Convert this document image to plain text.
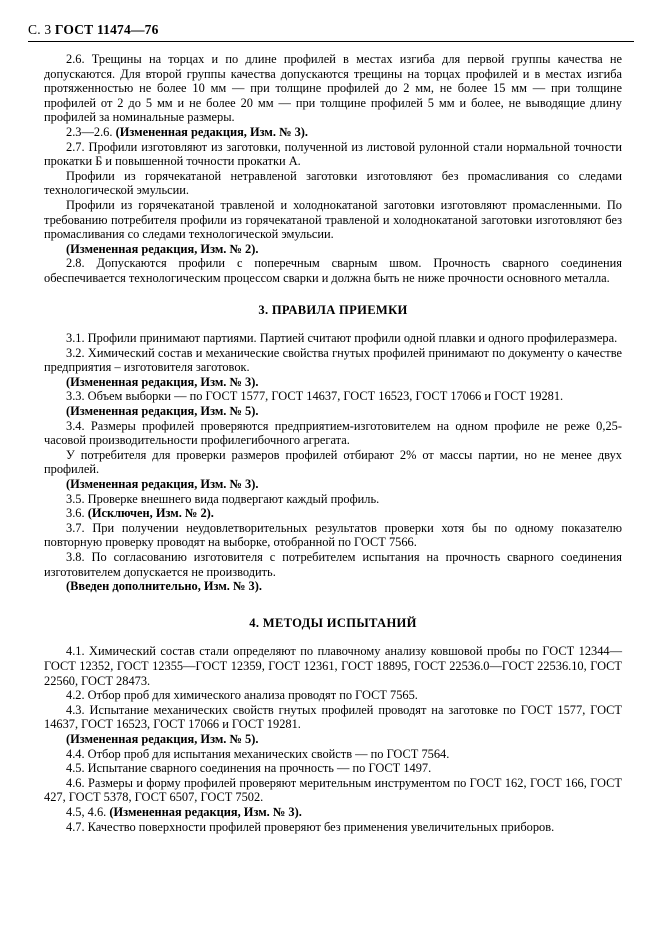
С. 3 ГОСТ 11474—76

2.6. Трещины на торцах и по длине профилей в местах изгиба для первой группы качества не допускаются. Для второй группы качества допускаются трещины на торцах профилей и в местах изгиба протяженностью не более 10 мм — при толщине профилей до 2 мм, не более 15 мм — при толщине профилей от 2 до 5 мм и не более 20 мм — при толщине профилей 5 мм и более, не выводящие длину профилей за номинальные размеры.

2.3—2.6. (Измененная редакция, Изм. № 3).

2.7. Профили изготовляют из заготовки, полученной из листовой рулонной стали нормальной точности прокатки Б и повышенной точности прокатки А.

Профили из горячекатаной нетравленой заготовки изготовляют без промасливания со следами технологической эмульсии.

Профили из горячекатаной травленой и холоднокатаной заготовки изготовляют промасленными. По требованию потребителя профили из горячекатаной травленой и холоднокатаной заготовки изготовляют без промасливания со следами технологической эмульсии.

(Измененная редакция, Изм. № 2).

2.8. Допускаются профили с поперечным сварным швом. Прочность сварного соединения обеспечивается технологическим процессом сварки и должна быть не ниже прочности основного металла.

3. ПРАВИЛА ПРИЕМКИ

3.1. Профили принимают партиями. Партией считают профили одной плавки и одного профилеразмера.

3.2. Химический состав и механические свойства гнутых профилей принимают по документу о качестве предприятия – изготовителя заготовок.

(Измененная редакция, Изм. № 3).

3.3. Объем выборки — по ГОСТ 1577, ГОСТ 14637, ГОСТ 16523, ГОСТ 17066 и ГОСТ 19281.

(Измененная редакция, Изм. № 5).

3.4. Размеры профилей проверяются предприятием-изготовителем на одном профиле не реже 0,25-часовой производительности профилегибочного агрегата.

У потребителя для проверки размеров профилей отбирают 2% от массы партии, но не менее двух профилей.

(Измененная редакция, Изм. № 3).

3.5. Проверке внешнего вида подвергают каждый профиль.

3.6. (Исключен, Изм. № 2).

3.7. При получении неудовлетворительных результатов проверки хотя бы по одному показателю повторную проверку проводят на выборке, отобранной по ГОСТ 7566.

3.8. По согласованию изготовителя с потребителем испытания на прочность сварного соединения изготовителем допускается не производить.

(Введен дополнительно, Изм. № 3).

4. МЕТОДЫ ИСПЫТАНИЙ

4.1. Химический состав стали определяют по плавочному анализу ковшовой пробы по ГОСТ 12344—ГОСТ 12352, ГОСТ 12355—ГОСТ 12359, ГОСТ 12361, ГОСТ 18895, ГОСТ 22536.0—ГОСТ 22536.10, ГОСТ 22560, ГОСТ 28473.

4.2. Отбор проб для химического анализа проводят по ГОСТ 7565.

4.3. Испытание механических свойств гнутых профилей проводят на заготовке по ГОСТ 1577, ГОСТ 14637, ГОСТ 16523, ГОСТ 17066 и ГОСТ 19281.

(Измененная редакция, Изм. № 5).

4.4. Отбор проб для испытания механических свойств — по ГОСТ 7564.

4.5. Испытание сварного соединения на прочность — по ГОСТ 1497.

4.6. Размеры и форму профилей проверяют мерительным инструментом по ГОСТ 162, ГОСТ 166, ГОСТ 427, ГОСТ 5378, ГОСТ 6507, ГОСТ 7502.

4.5, 4.6. (Измененная редакция, Изм. № 3).

4.7. Качество поверхности профилей проверяют без применения увеличительных приборов.
